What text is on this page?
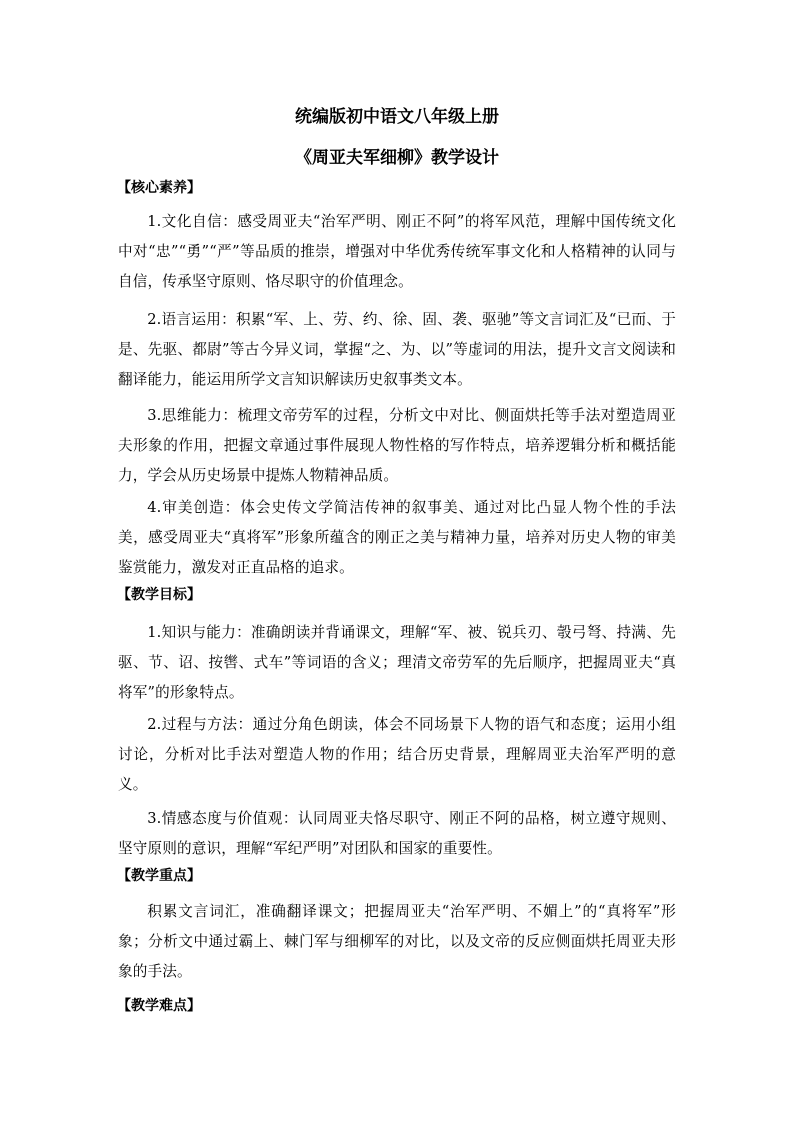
统编版初中语文八年级上册
《周亚夫军细柳》教学设计
【核心素养】

1.文化自信：感受周亚夫“治军严明、刚正不阿”的将军风范，理解中国传统文化中对“忠”“勇”“严”等品质的推崇，增强对中华优秀传统军事文化和人格精神的认同与自信，传承坚守原则、恪尽职守的价值理念。

2.语言运用：积累“军、上、劳、约、徐、固、袭、驱驰”等文言词汇及“已而、于是、先驱、都尉”等古今异义词，掌握“之、为、以”等虚词的用法，提升文言文阅读和翻译能力，能运用所学文言知识解读历史叙事类文本。

3.思维能力：梳理文帝劳军的过程，分析文中对比、侧面烘托等手法对塑造周亚夫形象的作用，把握文章通过事件展现人物性格的写作特点，培养逻辑分析和概括能力，学会从历史场景中提炼人物精神品质。

4.审美创造：体会史传文学简洁传神的叙事美、通过对比凸显人物个性的手法美，感受周亚夫“真将军”形象所蕴含的刚正之美与精神力量，培养对历史人物的审美鉴赏能力，激发对正直品格的追求。

【教学目标】

1.知识与能力：准确朗读并背诵课文，理解“军、被、锐兵刃、彀弓弩、持满、先驱、节、诏、按辔、式车”等词语的含义；理清文帝劳军的先后顺序，把握周亚夫“真将军”的形象特点。

2.过程与方法：通过分角色朗读，体会不同场景下人物的语气和态度；运用小组讨论，分析对比手法对塑造人物的作用；结合历史背景，理解周亚夫治军严明的意义。

3.情感态度与价值观：认同周亚夫恪尽职守、刚正不阿的品格，树立遵守规则、坚守原则的意识，理解“军纪严明”对团队和国家的重要性。

【教学重点】

积累文言词汇，准确翻译课文；把握周亚夫“治军严明、不媚上”的“真将军”形象；分析文中通过霸上、棘门军与细柳军的对比，以及文帝的反应侧面烘托周亚夫形象的手法。

【教学难点】
